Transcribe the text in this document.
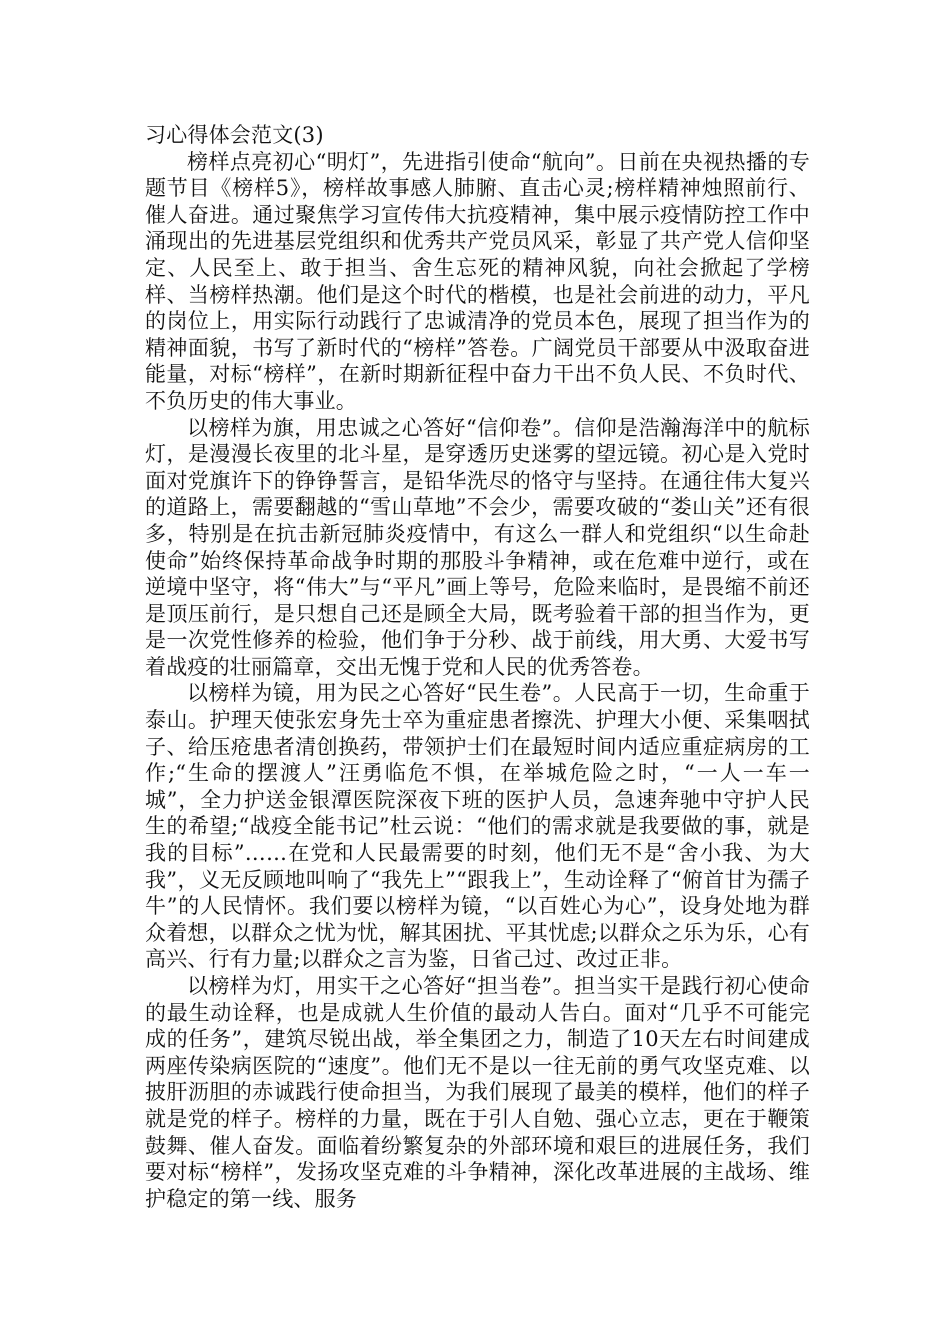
习心得体会范文(3)

榜样点亮初心“明灯”，先进指引使命“航向”。日前在央视热播的专题节目《榜样5》，榜样故事感人肺腑、直击心灵;榜样精神烛照前行、催人奋进。通过聚焦学习宣传伟大抗疫精神，集中展示疫情防控工作中涌现出的先进基层党组织和优秀共产党员风采，彰显了共产党人信仰坚定、人民至上、敢于担当、舍生忘死的精神风貌，向社会掀起了学榜样、当榜样热潮。他们是这个时代的楷模，也是社会前进的动力，平凡的岗位上，用实际行动践行了忠诚清净的党员本色，展现了担当作为的精神面貌，书写了新时代的“榜样”答卷。广阔党员干部要从中汲取奋进能量，对标“榜样”，在新时期新征程中奋力干出不负人民、不负时代、不负历史的伟大事业。

以榜样为旗，用忠诚之心答好“信仰卷”。信仰是浩瀚海洋中的航标灯，是漫漫长夜里的北斗星，是穿透历史迷雾的望远镜。初心是入党时面对党旗许下的铮铮誓言，是铅华洗尽的恪守与坚持。在通往伟大复兴的道路上，需要翻越的“雪山草地”不会少，需要攻破的“娄山关”还有很多，特别是在抗击新冠肺炎疫情中，有这么一群人和党组织“以生命赴使命”始终保持革命战争时期的那股斗争精神，或在危难中逆行，或在逆境中坚守，将“伟大”与“平凡”画上等号，危险来临时，是畏缩不前还是顶压前行，是只想自己还是顾全大局，既考验着干部的担当作为，更是一次党性修养的检验，他们争于分秒、战于前线，用大勇、大爱书写着战疫的壮丽篇章，交出无愧于党和人民的优秀答卷。

以榜样为镜，用为民之心答好“民生卷”。人民高于一切，生命重于泰山。护理天使张宏身先士卒为重症患者擦洗、护理大小便、采集咽拭子、给压疮患者清创换药，带领护士们在最短时间内适应重症病房的工作;“生命的摆渡人”汪勇临危不惧，在举城危险之时，“一人一车一城”，全力护送金银潭医院深夜下班的医护人员，急速奔驰中守护人民生的希望;“战疫全能书记”杜云说：“他们的需求就是我要做的事，就是我的目标”……在党和人民最需要的时刻，他们无不是“舍小我、为大我”，义无反顾地叫响了“我先上”“跟我上”，生动诠释了“俯首甘为孺子牛”的人民情怀。我们要以榜样为镜，“以百姓心为心”，设身处地为群众着想，以群众之忧为忧，解其困扰、平其忧虑;以群众之乐为乐，心有高兴、行有力量;以群众之言为鉴，日省己过、改过正非。

以榜样为灯，用实干之心答好“担当卷”。担当实干是践行初心使命的最生动诠释，也是成就人生价值的最动人告白。面对“几乎不可能完成的任务”，建筑尽锐出战，举全集团之力，制造了10天左右时间建成两座传染病医院的“速度”。他们无不是以一往无前的勇气攻坚克难、以披肝沥胆的赤诚践行使命担当，为我们展现了最美的模样，他们的样子就是党的样子。榜样的力量，既在于引人自勉、强心立志，更在于鞭策鼓舞、催人奋发。面临着纷繁复杂的外部环境和艰巨的进展任务，我们要对标“榜样”，发扬攻坚克难的斗争精神，深化改革进展的主战场、维护稳定的第一线、服务
